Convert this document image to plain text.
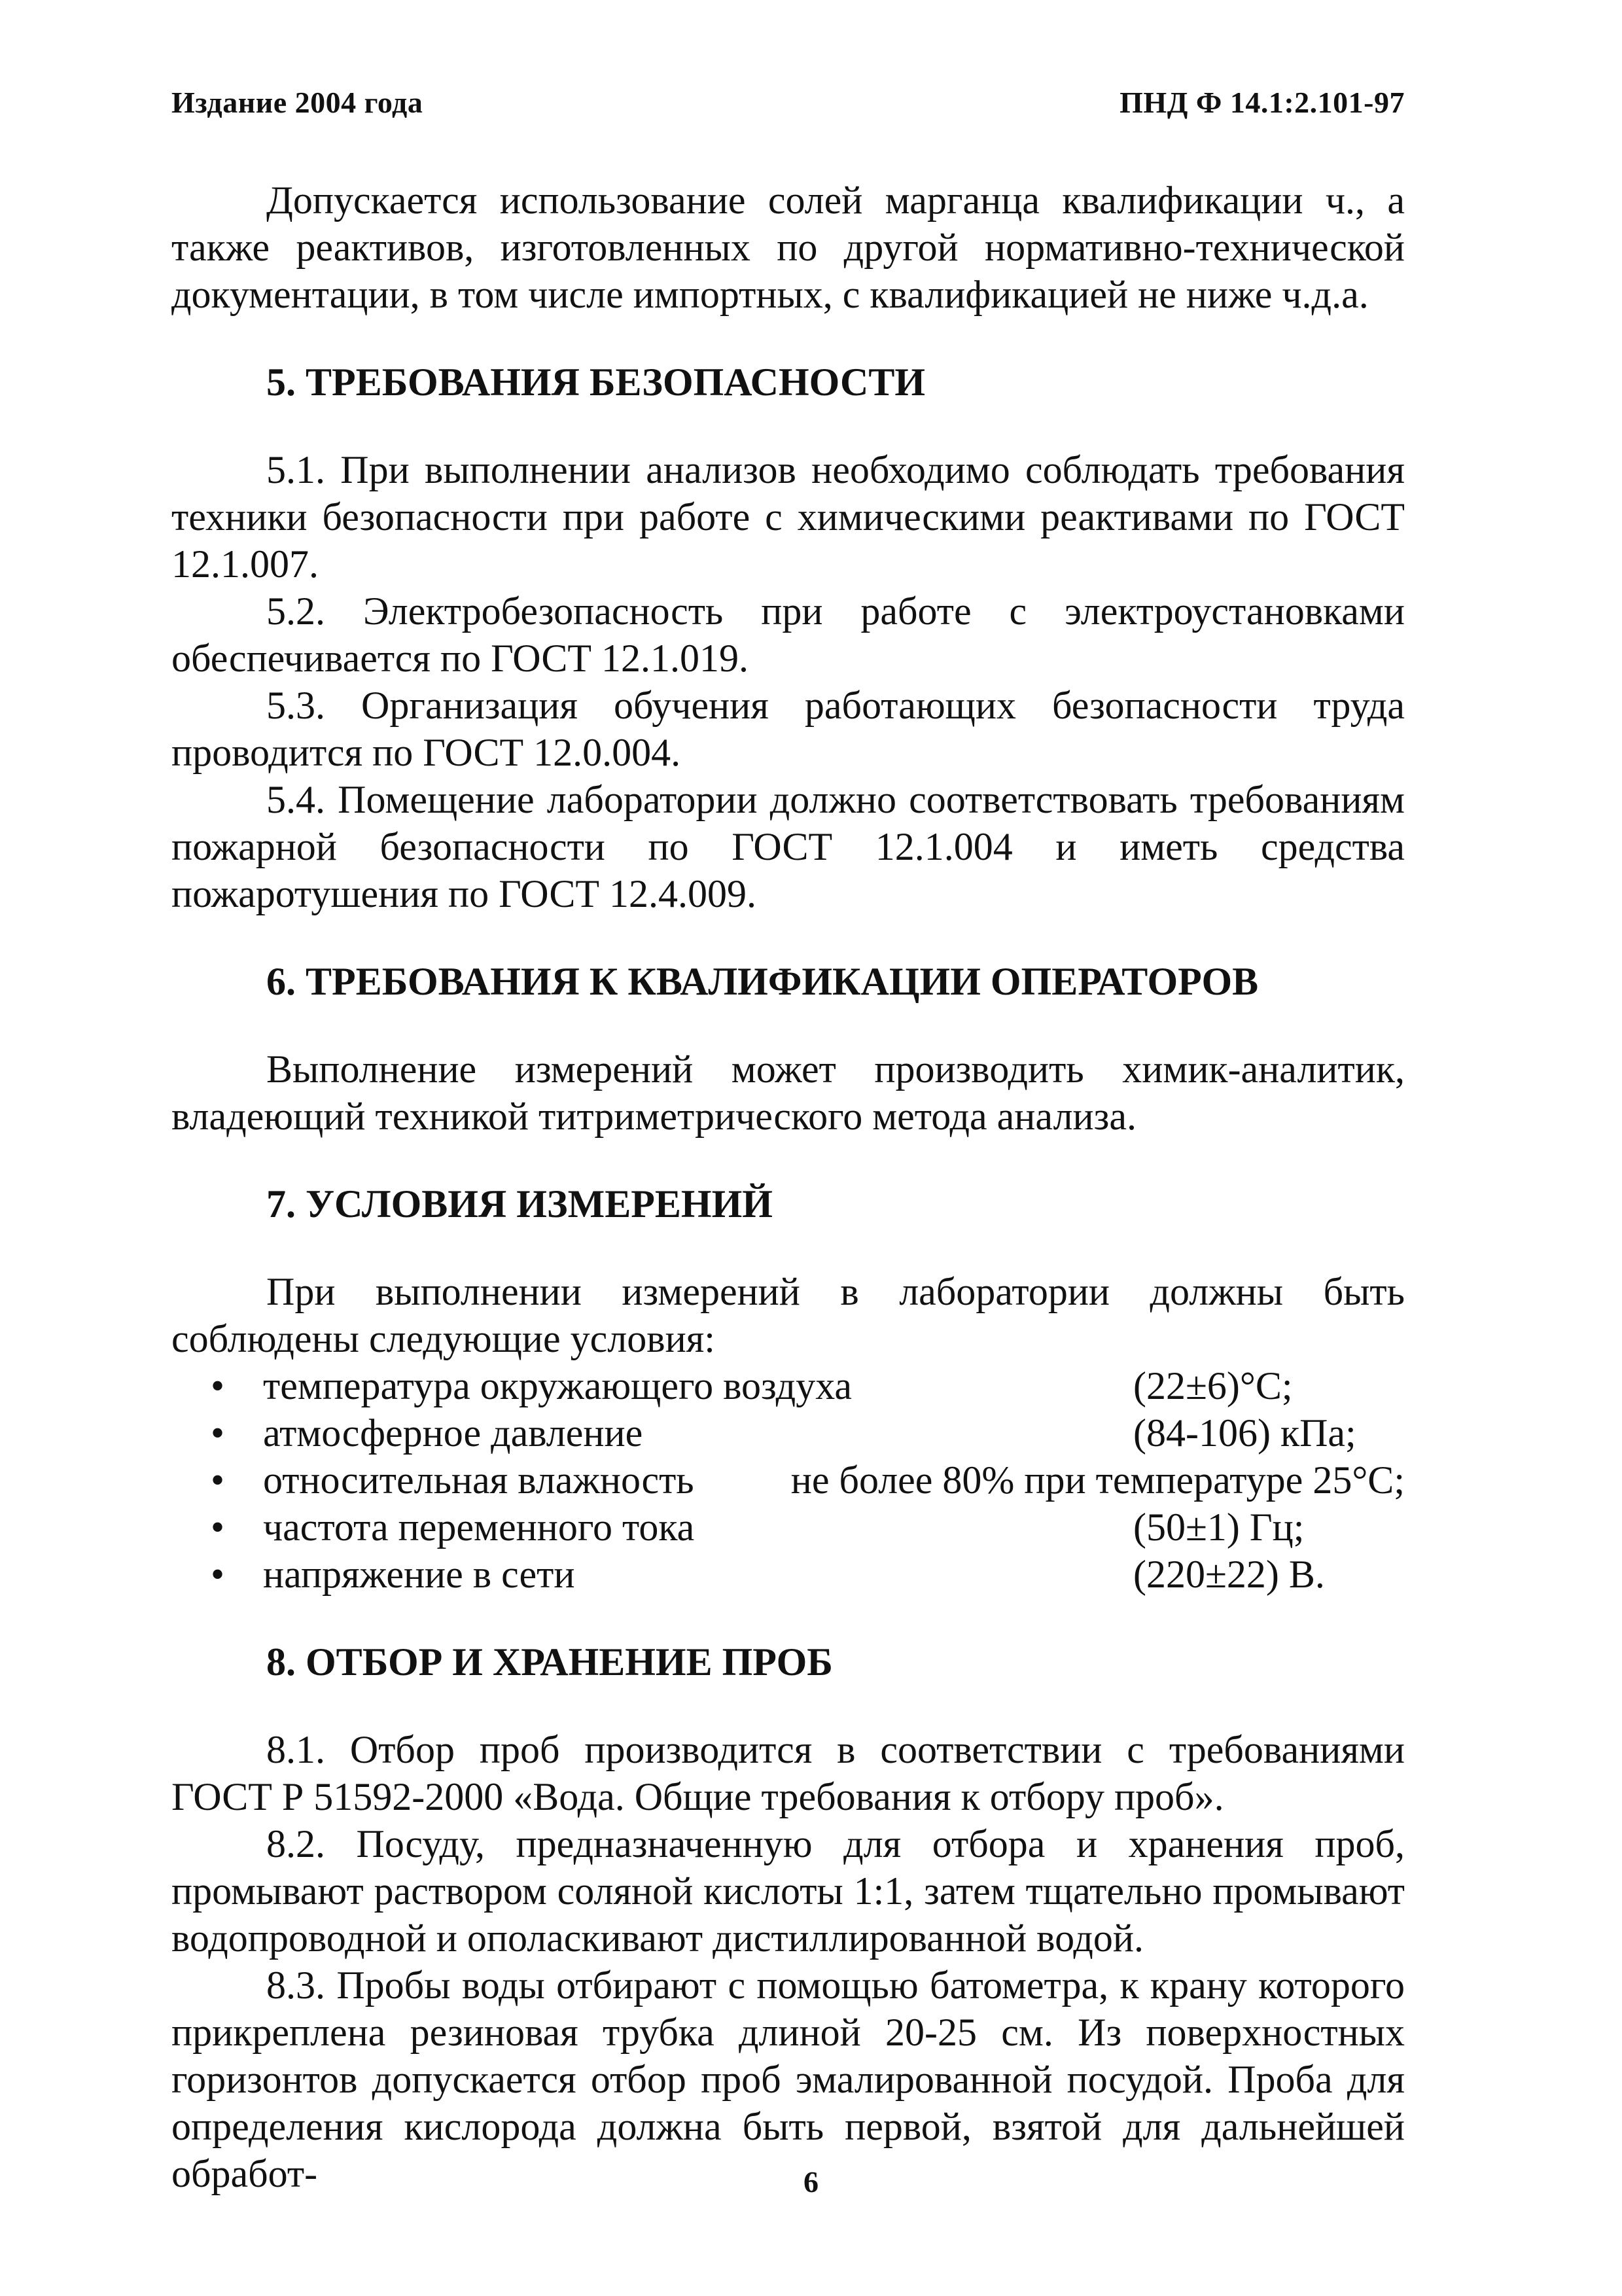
Издание 2004 года	ПНД Ф 14.1:2.101-97

Допускается использование солей марганца квалификации ч., а также реактивов, изготовленных по другой нормативно-технической документации, в том числе импортных, с квалификацией не ниже ч.д.а.

5. ТРЕБОВАНИЯ БЕЗОПАСНОСТИ

5.1. При выполнении анализов необходимо соблюдать требования техники безопасности при работе с химическими реактивами по ГОСТ 12.1.007.

5.2. Электробезопасность при работе с электроустановками обеспечивается по ГОСТ 12.1.019.

5.3. Организация обучения работающих безопасности труда проводится по ГОСТ 12.0.004.

5.4. Помещение лаборатории должно соответствовать требованиям пожарной безопасности по ГОСТ 12.1.004 и иметь средства пожаротушения по ГОСТ 12.4.009.

6. ТРЕБОВАНИЯ К КВАЛИФИКАЦИИ ОПЕРАТОРОВ

Выполнение измерений может производить химик-аналитик, владеющий техникой титриметрического метода анализа.

7. УСЛОВИЯ ИЗМЕРЕНИЙ

При выполнении измерений в лаборатории должны быть соблюдены следующие условия:

• температура окружающего воздуха	(22±6)°С;
• атмосферное давление	(84-106) кПа;
• относительная влажность не более 80% при температуре 25°С;
• частота переменного тока	(50±1) Гц;
• напряжение в сети	(220±22) В.
8. ОТБОР И ХРАНЕНИЕ ПРОБ

8.1. Отбор проб производится в соответствии с требованиями ГОСТ Р 51592-2000 «Вода. Общие требования к отбору проб».

8.2. Посуду, предназначенную для отбора и хранения проб, промывают раствором соляной кислоты 1:1, затем тщательно промывают водопроводной и ополаскивают дистиллированной водой.

8.3. Пробы воды отбирают с помощью батометра, к крану которого прикреплена резиновая трубка длиной 20-25 см. Из поверхностных горизонтов допускается отбор проб эмалированной посудой. Проба для определения кислорода должна быть первой, взятой для дальнейшей обработ-	6
